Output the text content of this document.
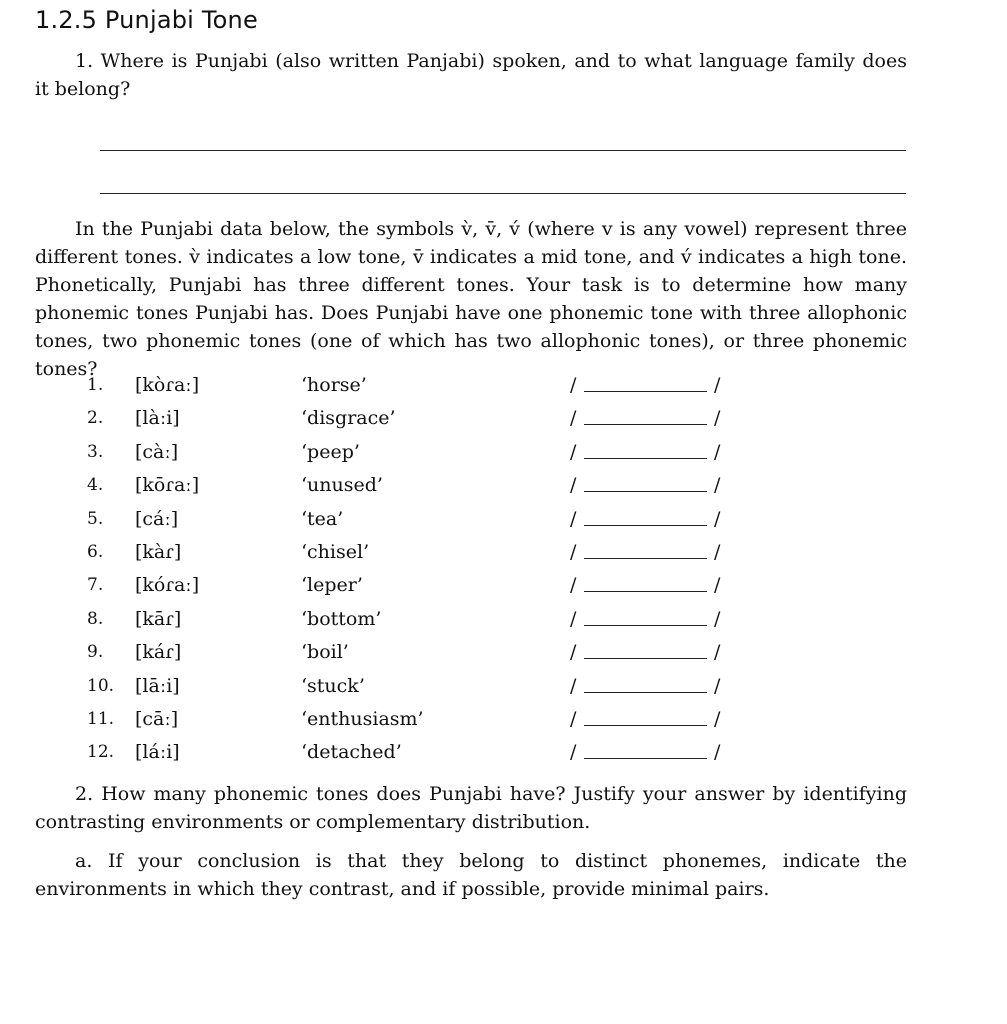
1.2.5 Punjabi Tone

1. Where is Punjabi (also written Panjabi) spoken, and to what language family does it belong?

In the Punjabi data below, the symbols v̀, v̄, v́ (where v is any vowel) represent three different tones. v̀ indicates a low tone, v̄ indicates a mid tone, and v́ indicates a high tone. Phonetically, Punjabi has three different tones. Your task is to determine how many phonemic tones Punjabi has. Does Punjabi have one phonemic tone with three allophonic tones, two phonemic tones (one of which has two allophonic tones), or three phonemic tones?

1. [kòɾaː]	‘horse’	/	/
2. [làːi]	‘disgrace’	/	/
3. [càː]	‘peep’	/	/
4. [kōɾaː]	‘unused’	/	/
5. [cáː]	‘tea’	/	/
6. [kàɾ]	‘chisel’	/	/
7. [kóɾaː]	‘leper’	/	/
8. [kāɾ]	‘bottom’	/	/
9. [káɾ]	‘boil’	/	/
10. [lāːi]	‘stuck’	/	/
11. [cāː]	‘enthusiasm’	/	/
12. [láːi]	‘detached’	/	/

2. How many phonemic tones does Punjabi have? Justify your answer by identifying contrasting environments or complementary distribution.

a. If your conclusion is that they belong to distinct phonemes, indicate the environments in which they contrast, and if possible, provide minimal pairs.
